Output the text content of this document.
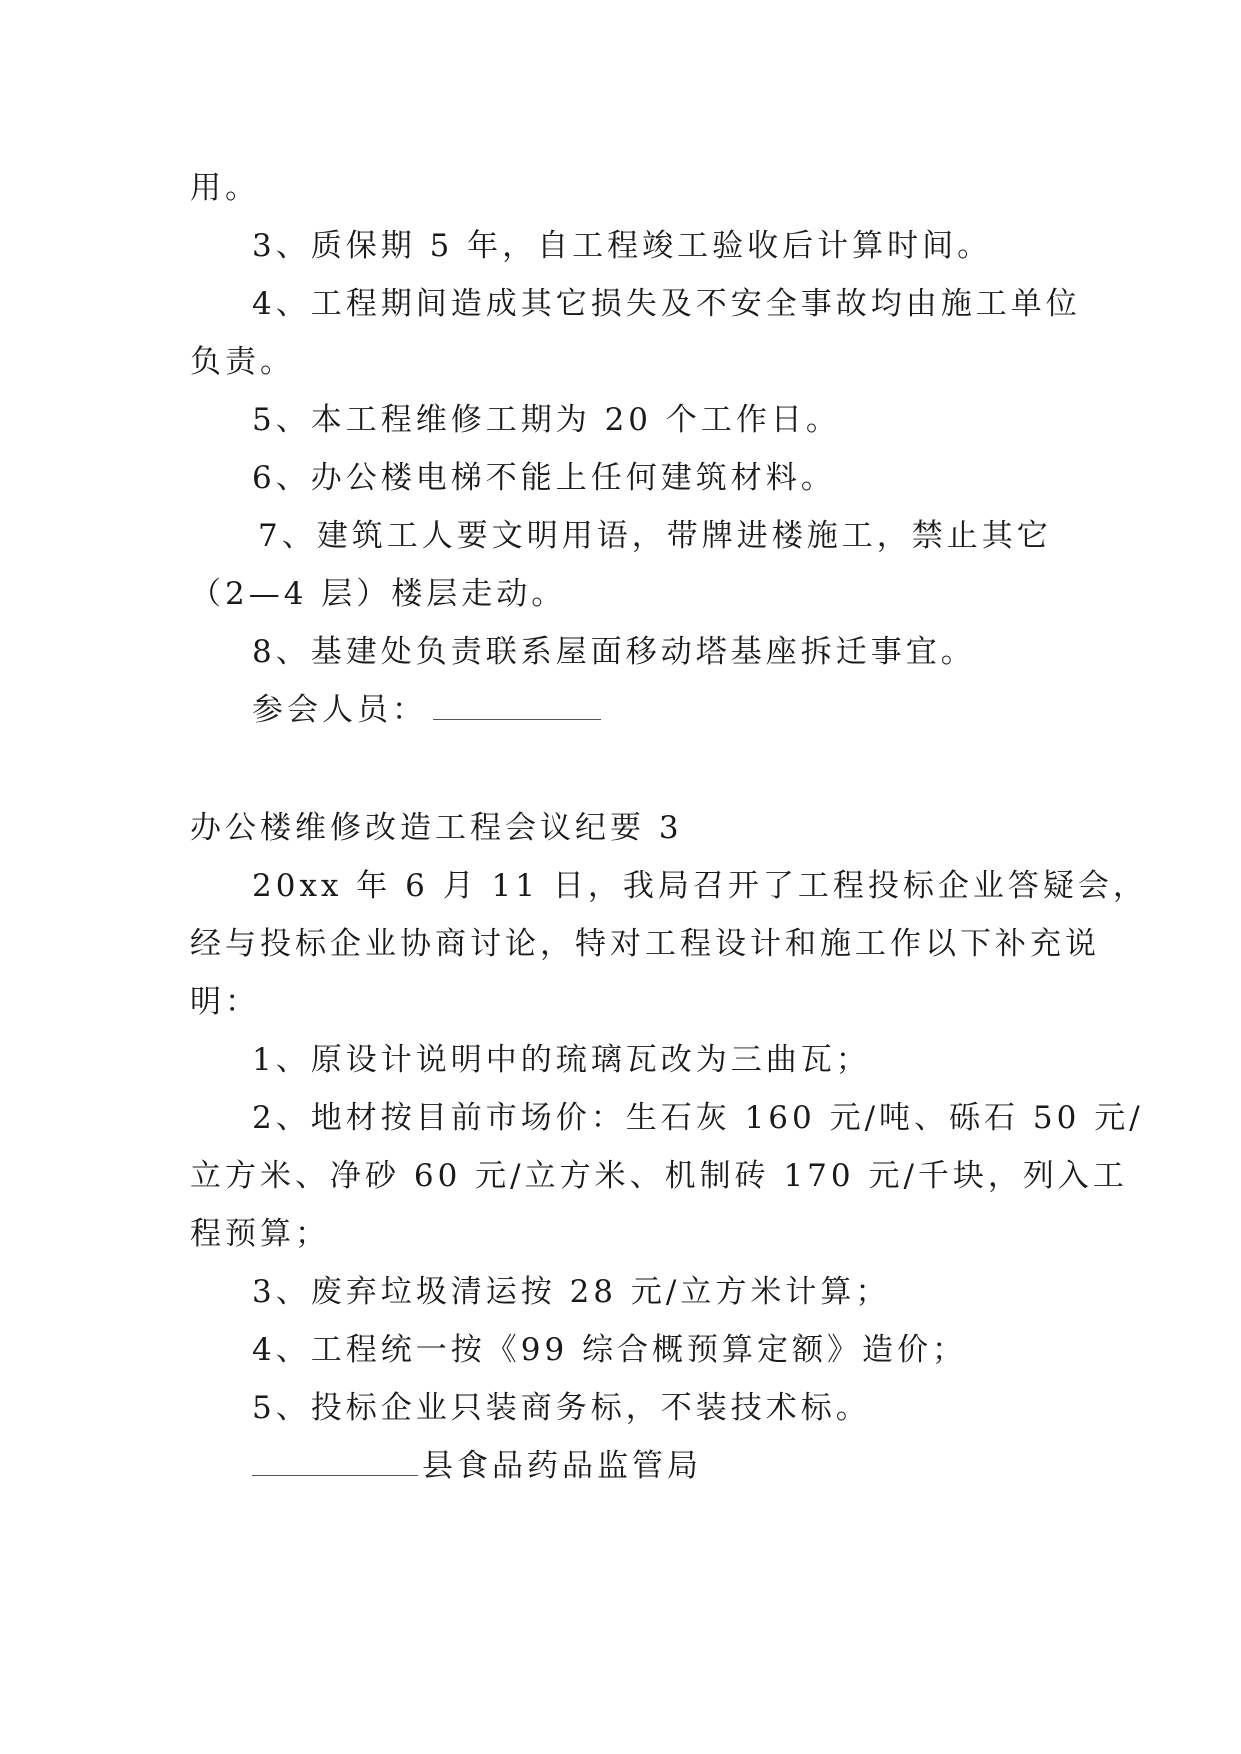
用。

3、质保期 5 年，自工程竣工验收后计算时间。

4、工程期间造成其它损失及不安全事故均由施工单位

负责。

5、本工程维修工期为 20 个工作日。

6、办公楼电梯不能上任何建筑材料。

7、建筑工人要文明用语，带牌进楼施工，禁止其它

（2—4 层）楼层走动。

8、基建处负责联系屋面移动塔基座拆迁事宜。

参会人员：

办公楼维修改造工程会议纪要 3

20xx 年 6 月 11 日，我局召开了工程投标企业答疑会，

经与投标企业协商讨论，特对工程设计和施工作以下补充说

明：

1、原设计说明中的琉璃瓦改为三曲瓦；

2、地材按目前市场价：生石灰 160 元/吨、砾石 50 元/

立方米、净砂 60 元/立方米、机制砖 170 元/千块，列入工

程预算；

3、废弃垃圾清运按 28 元/立方米计算；

4、工程统一按《99 综合概预算定额》造价；

5、投标企业只装商务标，不装技术标。

县食品药品监管局
